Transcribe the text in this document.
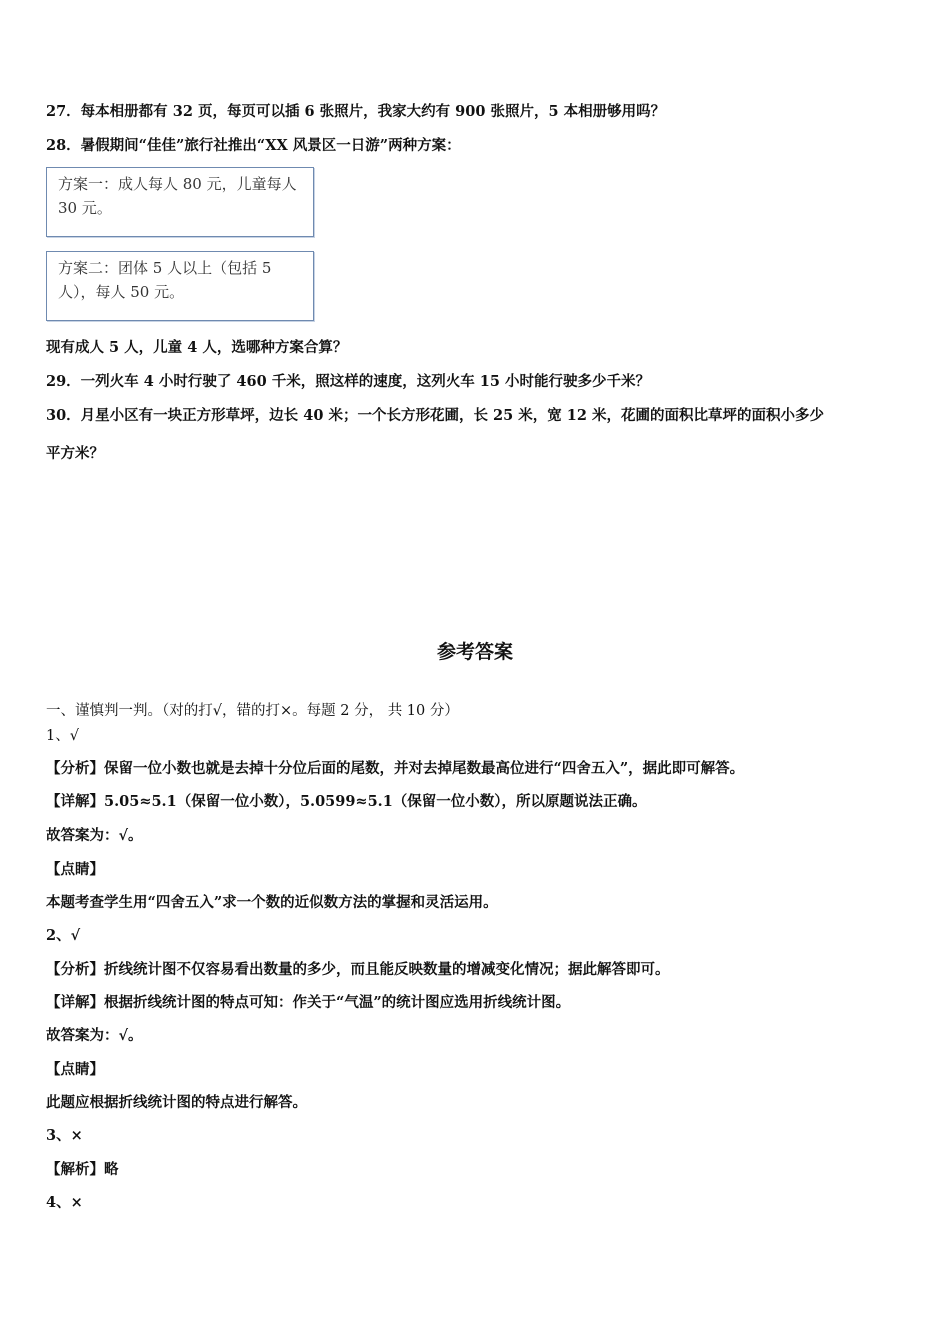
27．每本相册都有 32 页，每页可以插 6 张照片，我家大约有 900 张照片，5 本相册够用吗？
28．暑假期间“佳佳”旅行社推出“XX 风景区一日游”两种方案：
方案一：成人每人 80 元，儿童每人 30 元。
方案二：团体 5 人以上（包括 5 人），每人 50 元。
现有成人 5 人，儿童 4 人，选哪种方案合算？
29．一列火车 4 小时行驶了 460 千米，照这样的速度，这列火车 15 小时能行驶多少千米？
30．月星小区有一块正方形草坪，边长 40 米；一个长方形花圃，长 25 米，宽 12 米，花圃的面积比草坪的面积小多少
平方米？
参考答案
一、谨慎判一判。（对的打√，错的打×。每题 2 分， 共 10 分）
1、√
【分析】保留一位小数也就是去掉十分位后面的尾数，并对去掉尾数最高位进行“四舍五入”，据此即可解答。
【详解】5.05≈5.1（保留一位小数），5.0599≈5.1（保留一位小数），所以原题说法正确。
故答案为：√。
【点睛】
本题考查学生用“四舍五入”求一个数的近似数方法的掌握和灵活运用。
2、√
【分析】折线统计图不仅容易看出数量的多少，而且能反映数量的增减变化情况；据此解答即可。
【详解】根据折线统计图的特点可知：作关于“气温”的统计图应选用折线统计图。
故答案为：√。
【点睛】
此题应根据折线统计图的特点进行解答。
3、×
【解析】略
4、×
